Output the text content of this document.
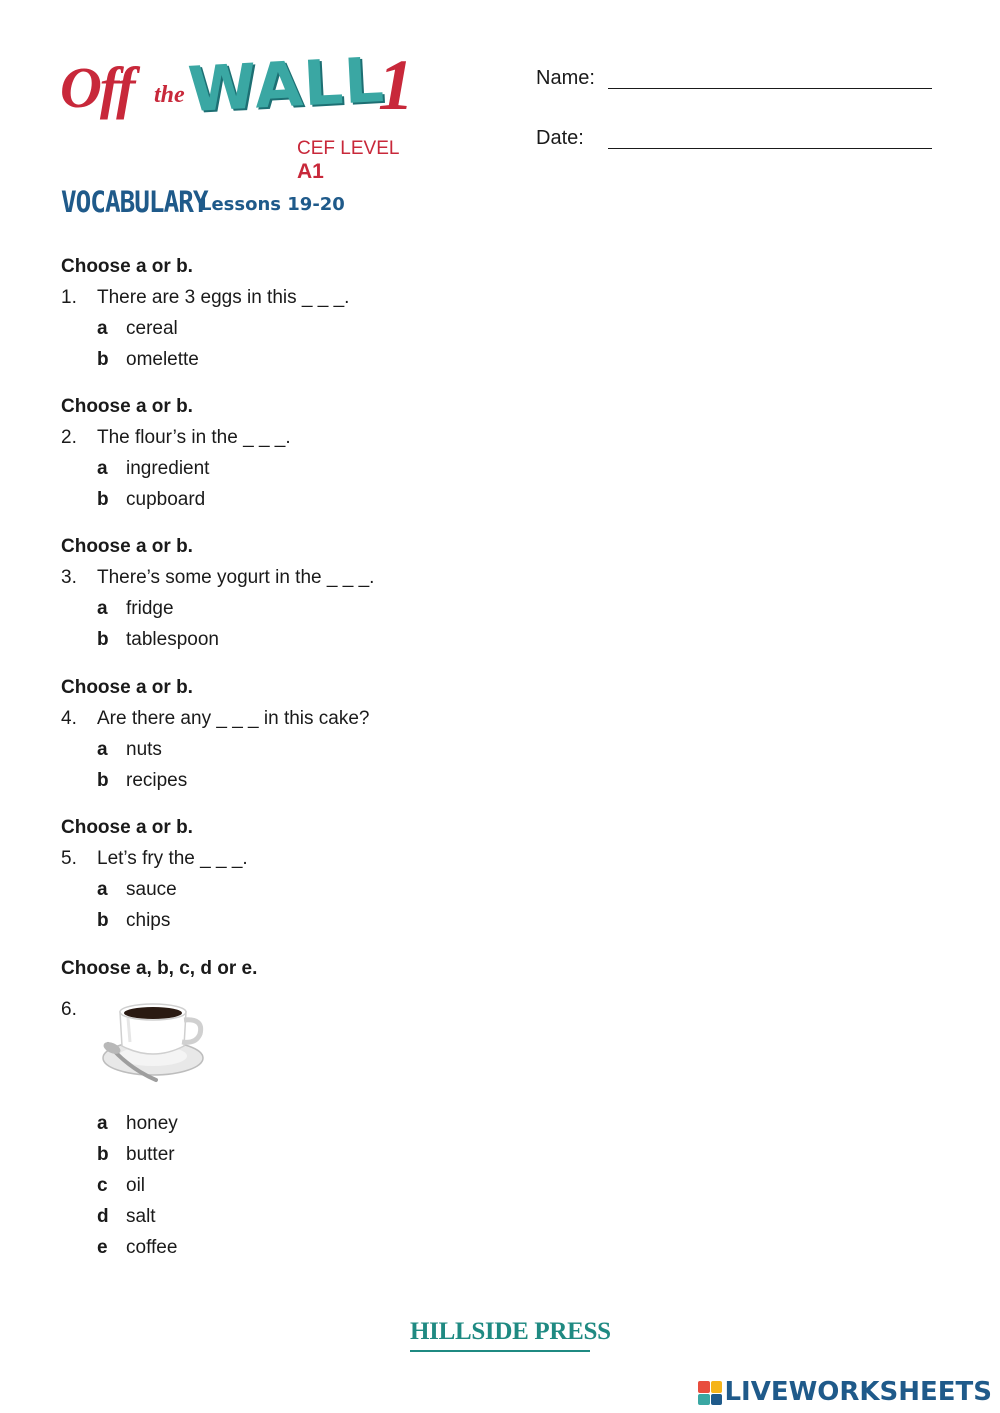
Off the WALL
1
CEF LEVEL A1
Name:
Date:
VOCABULARY
Lessons 19-20
Choose a or b.
1. There are 3 eggs in this _ _ _.
a cereal
b omelette
Choose a or b.
2. The flour’s in the _ _ _.
a ingredient
b cupboard
Choose a or b.
3. There’s some yogurt in the _ _ _.
a fridge
b tablespoon
Choose a or b.
4. Are there any _ _ _ in this cake?
a nuts
b recipes
Choose a or b.
5. Let’s fry the _ _ _.
a sauce
b chips
Choose a, b, c, d or e.
6.
a honey
b butter
c oil
d salt
e coffee
HILLSIDE PRESS
LIVEWORKSHEETS
